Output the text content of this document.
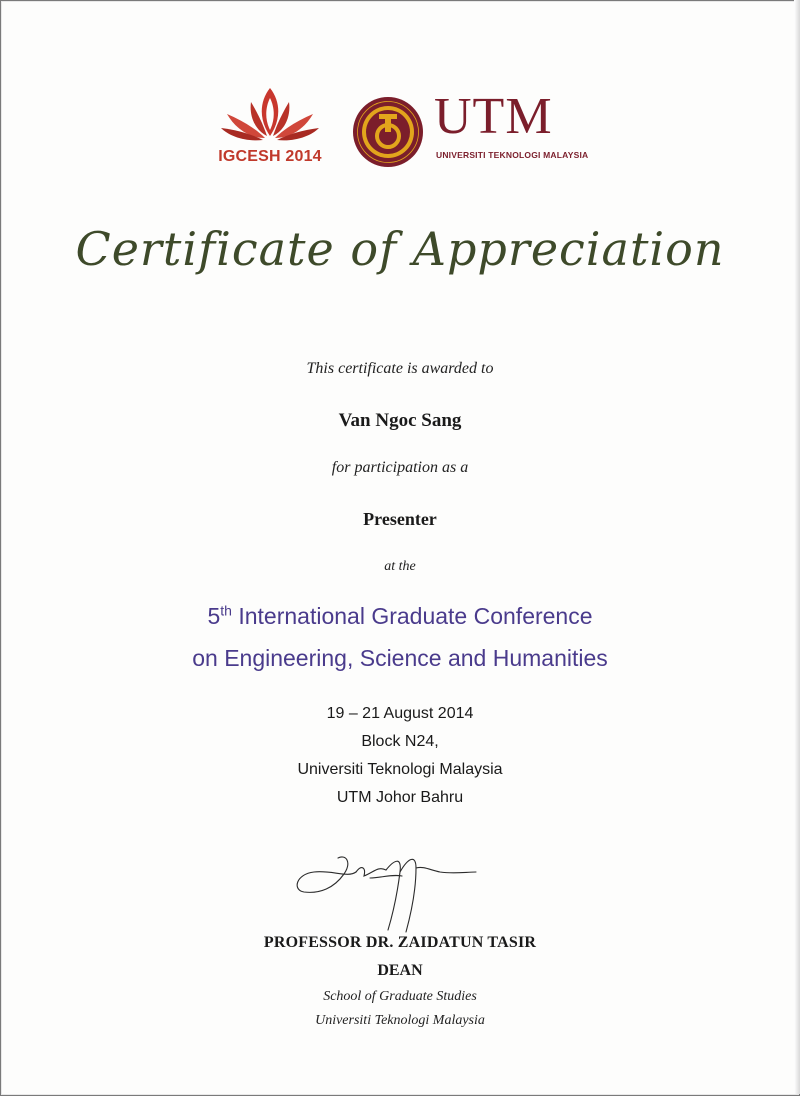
IGCESH 2014
UTM
UNIVERSITI TEKNOLOGI MALAYSIA
Certificate of Appreciation
This certificate is awarded to
Van Ngoc Sang
for participation as a
Presenter
at the
5th International Graduate Conference
on Engineering, Science and Humanities
19 – 21 August 2014
Block N24,
Universiti Teknologi Malaysia
UTM Johor Bahru
PROFESSOR DR. ZAIDATUN TASIR
DEAN
School of Graduate Studies
Universiti Teknologi Malaysia
